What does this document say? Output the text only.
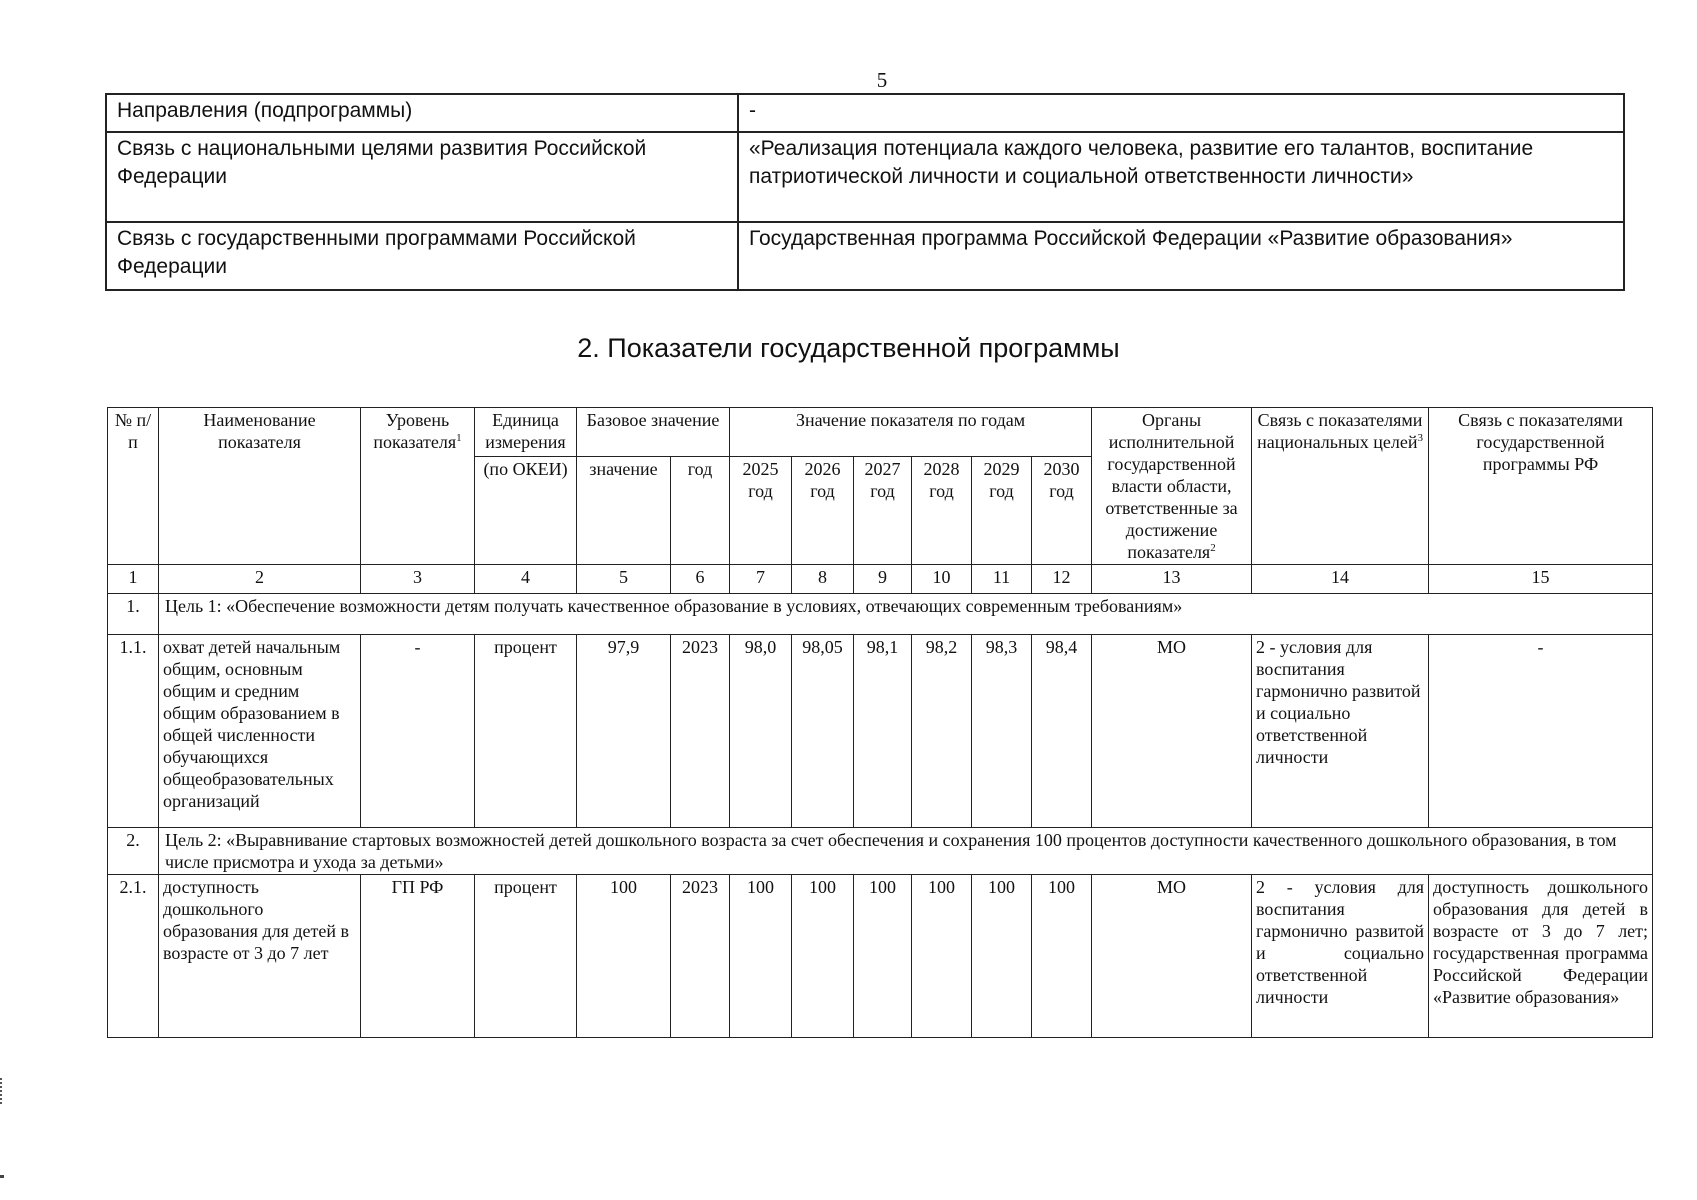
5
Направления (подпрограммы)	-
Связь с национальными целями развития Российской Федерации	«Реализация потенциала каждого человека, развитие его талантов, воспитание патриотической личности и социальной ответственности личности»
Связь с государственными программами Российской Федерации	Государственная программа Российской Федерации «Развитие образования»
2. Показатели государственной программы
№ п/п	Наименование показателя	Уровень показателя$^1$	Единица измерения	Базовое значение		Значение показателя по годам						Органы исполнительной государственной власти области, ответственные за достижение показателя$^2$	Связь с показателями национальных целей$^3$	Связь с показателями государственной программы РФ
			(по ОКЕИ)	значение	год	2025 год	2026 год	2027 год	2028 год	2029 год	2030 год			
1	2	3	4	5	6	7	8	9	10	11	12	13	14	15
1.	Цель 1: «Обеспечение возможности детям получать качественное образование в условиях, отвечающих современным требованиям»													
1.1.	охват детей начальным общим, основным общим и средним общим образованием в общей численности обучающихся общеобразовательных организаций	-	процент	97,9	2023	98,0	98,05	98,1	98,2	98,3	98,4	МО	2 - условия для воспитания гармонично развитой и социально ответственной личности	-
2.	Цель 2: «Выравнивание стартовых возможностей детей дошкольного возраста за счет обеспечения и сохранения 100 процентов доступности качественного дошкольного образования, в том числе присмотра и ухода за детьми»													
2.1.	доступность дошкольного образования для детей в возрасте от 3 до 7 лет	ГП РФ	процент	100	2023	100	100	100	100	100	100	МО	2 - условия для воспитания гармонично развитой и социально ответственной личности	доступность дошкольного образования для детей в возрасте от 3 до 7 лет; государственная программа Российской Федерации «Развитие образования»
